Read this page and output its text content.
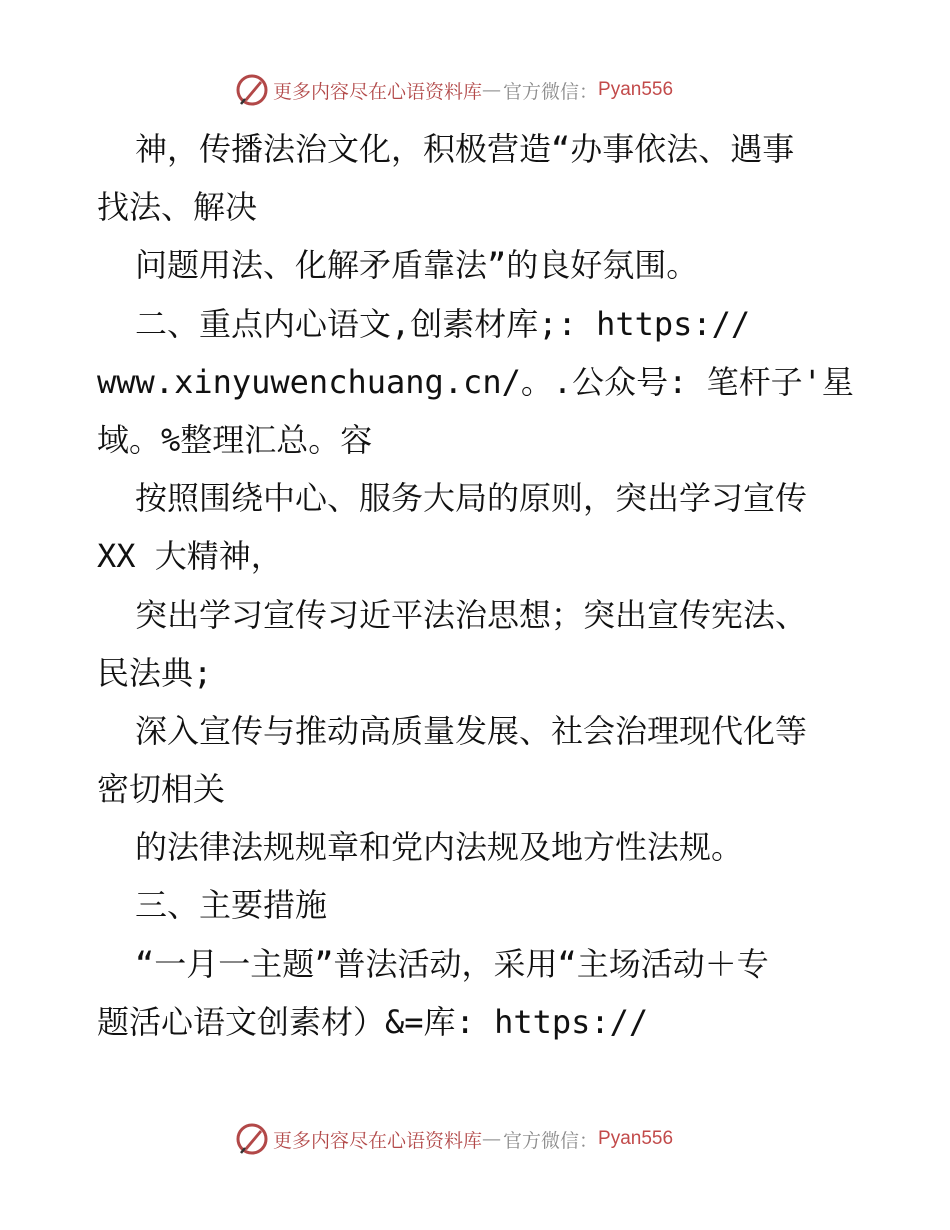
更多内容尽在心语资料库 — 官方微信： Pyan556
神，传播法治文化，积极营造“办事依法、遇事
找法、解决
问题用法、化解矛盾靠法”的良好氛围。
二、重点内心语文,创素材库;: https://
www.xinyuwenchuang.cn/。.公众号: 笔杆子'星
域。%整理汇总。容
按照围绕中心、服务大局的原则，突出学习宣传
XX 大精神，
突出学习宣传习近平法治思想；突出宣传宪法、
民法典;
深入宣传与推动高质量发展、社会治理现代化等
密切相关
的法律法规规章和党内法规及地方性法规。
三、主要措施
“一月一主题”普法活动，采用“主场活动＋专
题活心语文创素材）&=库: https://
更多内容尽在心语资料库 — 官方微信： Pyan556
